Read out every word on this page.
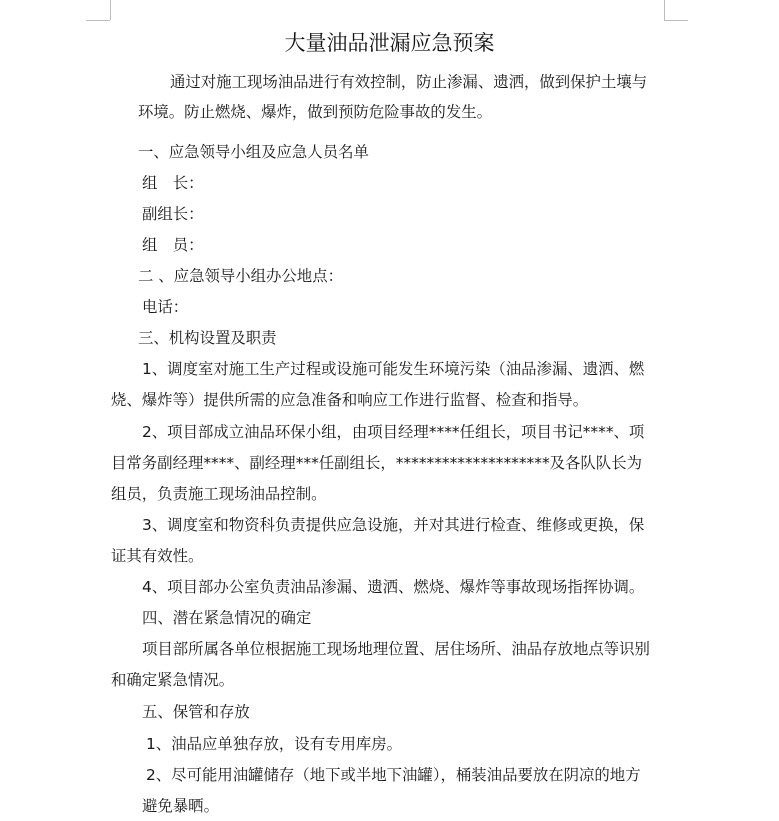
大量油品泄漏应急预案
通过对施工现场油品进行有效控制，防止渗漏、遗洒，做到保护土壤与
环境。防止燃烧、爆炸，做到预防危险事故的发生。
一、应急领导小组及应急人员名单
组　长：
副组长：
组　员：
二 、应急领导小组办公地点：
电话：
三、机构设置及职责
1、调度室对施工生产过程或设施可能发生环境污染（油品渗漏、遗洒、燃
烧、爆炸等）提供所需的应急准备和响应工作进行监督、检查和指导。
2、项目部成立油品环保小组，由项目经理****任组长，项目书记****、项
目常务副经理****、副经理***任副组长，********************及各队队长为
组员，负责施工现场油品控制。
3、调度室和物资科负责提供应急设施，并对其进行检查、维修或更换，保
证其有效性。
4、项目部办公室负责油品渗漏、遗洒、燃烧、爆炸等事故现场指挥协调。
四、潜在紧急情况的确定
项目部所属各单位根据施工现场地理位置、居住场所、油品存放地点等识别
和确定紧急情况。
五、保管和存放
1、油品应单独存放，设有专用库房。
2、尽可能用油罐储存（地下或半地下油罐），桶装油品要放在阴凉的地方
避免暴晒。
